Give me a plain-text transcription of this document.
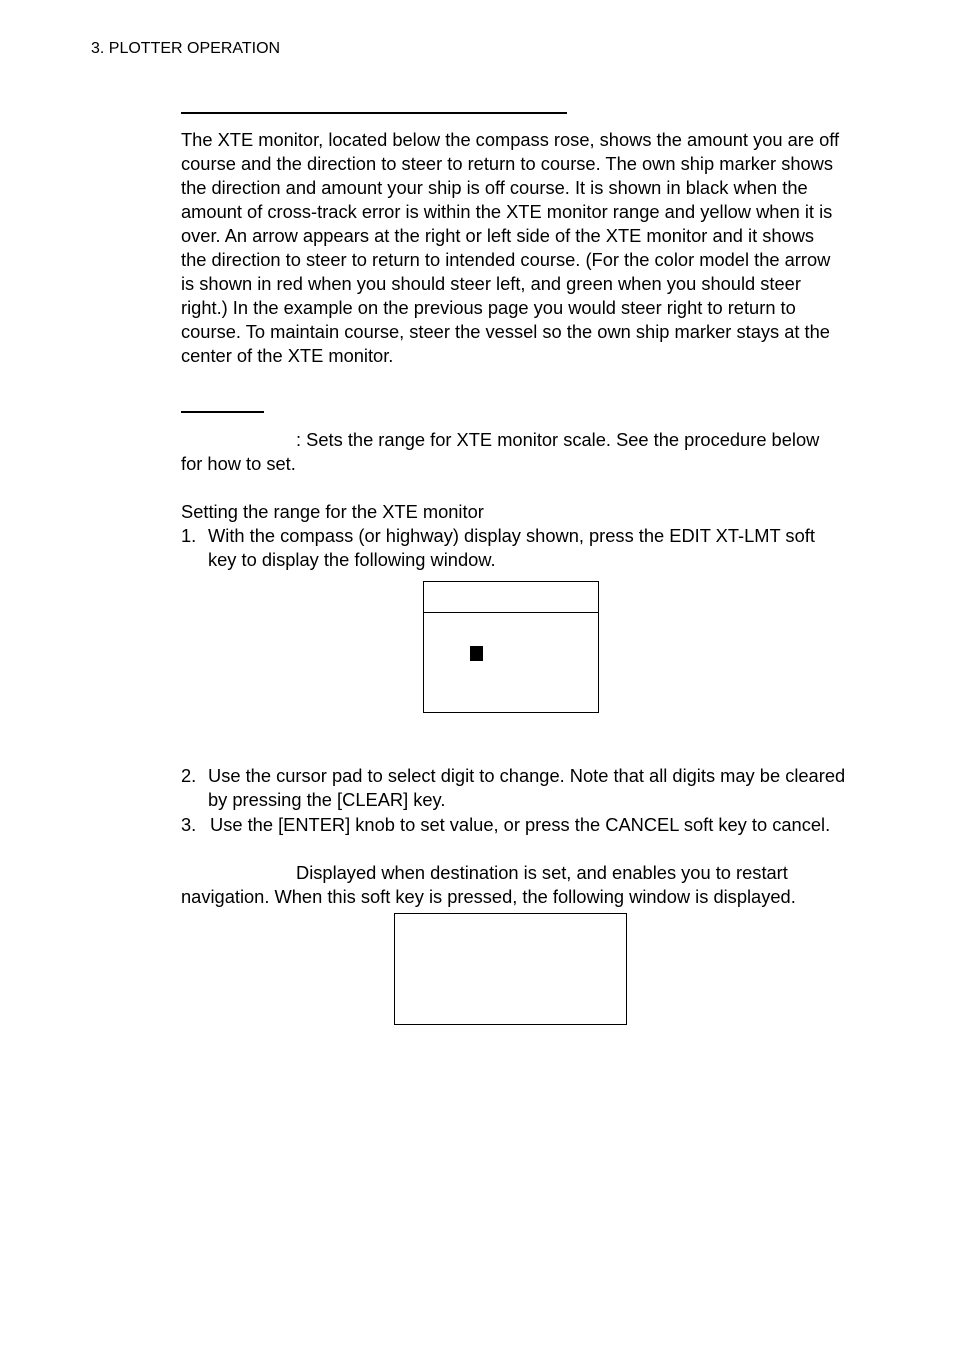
3. PLOTTER OPERATION

The XTE monitor, located below the compass rose, shows the amount you are off course and the direction to steer to return to course. The own ship marker shows the direction and amount your ship is off course. It is shown in black when the amount of cross-track error is within the XTE monitor range and yellow when it is over. An arrow appears at the right or left side of the XTE monitor and it shows the direction to steer to return to intended course. (For the color model the arrow is shown in red when you should steer left, and green when you should steer right.) In the example on the previous page you would steer right to return to course. To maintain course, steer the vessel so the own ship marker stays at the center of the XTE monitor.

: Sets the range for XTE monitor scale. See the procedure below
for how to set.

Setting the range for the XTE monitor

1. With the compass (or highway) display shown, press the EDIT XT-LMT soft key to display the following window.
2. Use the cursor pad to select digit to change. Note that all digits may be cleared by pressing the [CLEAR] key.
3. Use the [ENTER] knob to set value, or press the CANCEL soft key to cancel.

Displayed when destination is set, and enables you to restart
navigation. When this soft key is pressed, the following window is displayed.
